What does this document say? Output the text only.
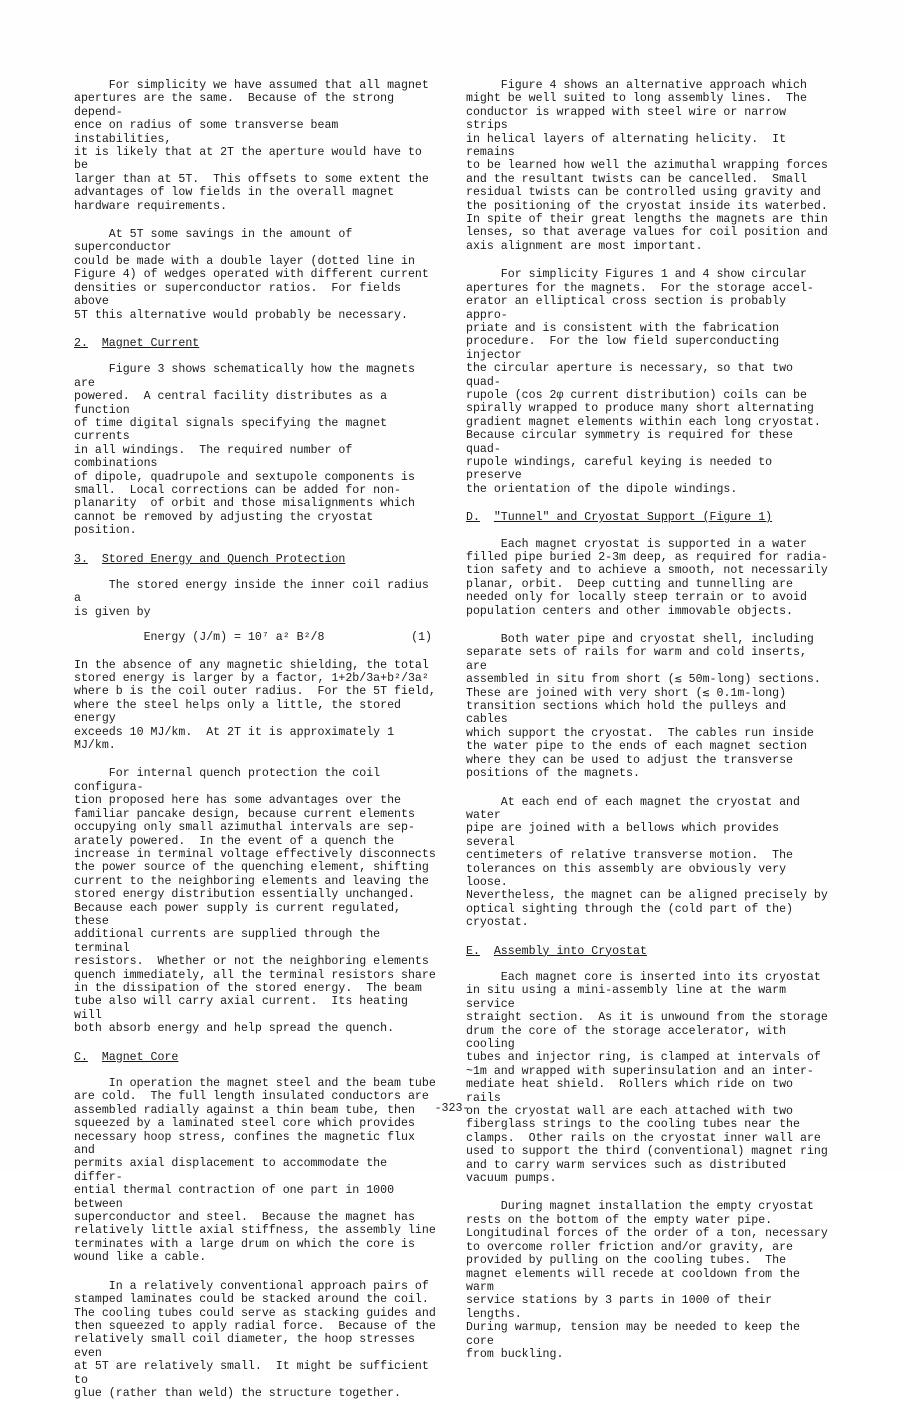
For simplicity we have assumed that all magnet
apertures are the same.  Because of the strong depend-
ence on radius of some transverse beam instabilities,
it is likely that at 2T the aperture would have to be
larger than at 5T.  This offsets to some extent the
advantages of low fields in the overall magnet
hardware requirements.

At 5T some savings in the amount of superconductor
could be made with a double layer (dotted line in
Figure 4) of wedges operated with different current
densities or superconductor ratios.  For fields above
5T this alternative would probably be necessary.

2. Magnet Current

Figure 3 shows schematically how the magnets are
powered.  A central facility distributes as a function
of time digital signals specifying the magnet currents
in all windings.  The required number of combinations
of dipole, quadrupole and sextupole components is
small.  Local corrections can be added for non-
planarity  of orbit and those misalignments which
cannot be removed by adjusting the cryostat position.

3. Stored Energy and Quench Protection

The stored energy inside the inner coil radius a
is given by

Energy (J/m) = 10⁷ a² B²/8	(1)

In the absence of any magnetic shielding, the total
stored energy is larger by a factor, 1+2b/3a+b²/3a²
where b is the coil outer radius.  For the 5T field,
where the steel helps only a little, the stored energy
exceeds 10 MJ/km.  At 2T it is approximately 1 MJ/km.

For internal quench protection the coil configura-
tion proposed here has some advantages over the
familiar pancake design, because current elements
occupying only small azimuthal intervals are sep-
arately powered.  In the event of a quench the
increase in terminal voltage effectively disconnects
the power source of the quenching element, shifting
current to the neighboring elements and leaving the
stored energy distribution essentially unchanged.
Because each power supply is current regulated, these
additional currents are supplied through the terminal
resistors.  Whether or not the neighboring elements
quench immediately, all the terminal resistors share
in the dissipation of the stored energy.  The beam
tube also will carry axial current.  Its heating will
both absorb energy and help spread the quench.

C. Magnet Core

In operation the magnet steel and the beam tube
are cold.  The full length insulated conductors are
assembled radially against a thin beam tube, then
squeezed by a laminated steel core which provides
necessary hoop stress, confines the magnetic flux and
permits axial displacement to accommodate the differ-
ential thermal contraction of one part in 1000 between
superconductor and steel.  Because the magnet has
relatively little axial stiffness, the assembly line
terminates with a large drum on which the core is
wound like a cable.

In a relatively conventional approach pairs of
stamped laminates could be stacked around the coil.
The cooling tubes could serve as stacking guides and
then squeezed to apply radial force.  Because of the
relatively small coil diameter, the hoop stresses even
at 5T are relatively small.  It might be sufficient to
glue (rather than weld) the structure together.

Figure 4 shows an alternative approach which
might be well suited to long assembly lines.  The
conductor is wrapped with steel wire or narrow strips
in helical layers of alternating helicity.  It remains
to be learned how well the azimuthal wrapping forces
and the resultant twists can be cancelled.  Small
residual twists can be controlled using gravity and
the positioning of the cryostat inside its waterbed.
In spite of their great lengths the magnets are thin
lenses, so that average values for coil position and
axis alignment are most important.

For simplicity Figures 1 and 4 show circular
apertures for the magnets.  For the storage accel-
erator an elliptical cross section is probably appro-
priate and is consistent with the fabrication
procedure.  For the low field superconducting injector
the circular aperture is necessary, so that two quad-
rupole (cos 2φ current distribution) coils can be
spirally wrapped to produce many short alternating
gradient magnet elements within each long cryostat.
Because circular symmetry is required for these quad-
rupole windings, careful keying is needed to preserve
the orientation of the dipole windings.

D. "Tunnel" and Cryostat Support (Figure 1)

Each magnet cryostat is supported in a water
filled pipe buried 2-3m deep, as required for radia-
tion safety and to achieve a smooth, not necessarily
planar, orbit.  Deep cutting and tunnelling are
needed only for locally steep terrain or to avoid
population centers and other immovable objects.

Both water pipe and cryostat shell, including
separate sets of rails for warm and cold inserts, are
assembled in situ from short (≲ 50m-long) sections.
These are joined with very short (≲ 0.1m-long)
transition sections which hold the pulleys and cables
which support the cryostat.  The cables run inside
the water pipe to the ends of each magnet section
where they can be used to adjust the transverse
positions of the magnets.

At each end of each magnet the cryostat and water
pipe are joined with a bellows which provides several
centimeters of relative transverse motion.  The
tolerances on this assembly are obviously very loose.
Nevertheless, the magnet can be aligned precisely by
optical sighting through the (cold part of the)
cryostat.

E. Assembly into Cryostat

Each magnet core is inserted into its cryostat
in situ using a mini-assembly line at the warm service
straight section.  As it is unwound from the storage
drum the core of the storage accelerator, with cooling
tubes and injector ring, is clamped at intervals of
~1m and wrapped with superinsulation and an inter-
mediate heat shield.  Rollers which ride on two rails
on the cryostat wall are each attached with two
fiberglass strings to the cooling tubes near the
clamps.  Other rails on the cryostat inner wall are
used to support the third (conventional) magnet ring
and to carry warm services such as distributed
vacuum pumps.

During magnet installation the empty cryostat
rests on the bottom of the empty water pipe.
Longitudinal forces of the order of a ton, necessary
to overcome roller friction and/or gravity, are
provided by pulling on the cooling tubes.  The
magnet elements will recede at cooldown from the warm
service stations by 3 parts in 1000 of their lengths.
During warmup, tension may be needed to keep the core
from buckling.

-323-
